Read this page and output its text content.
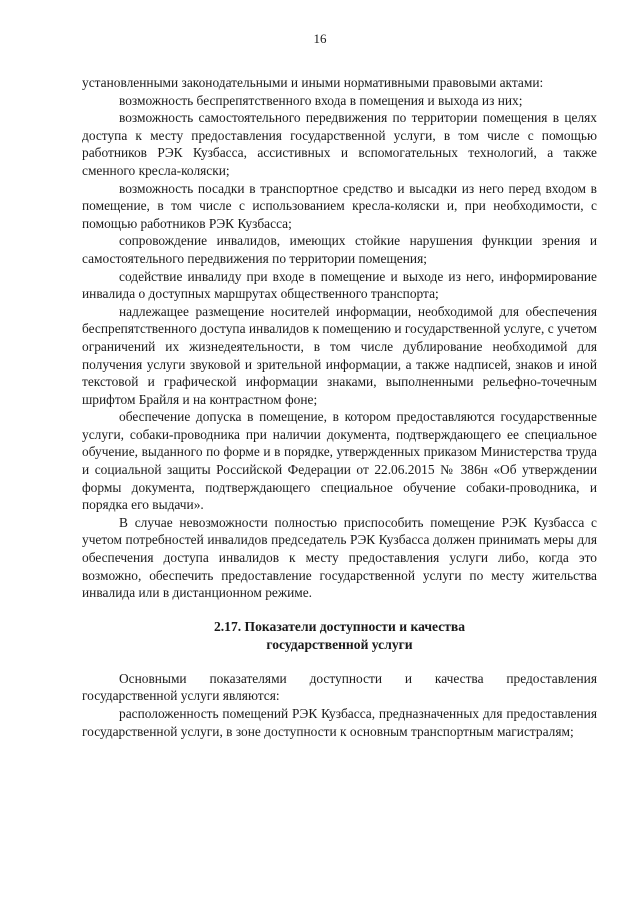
16

установленными законодательными и иными нормативными правовыми актами:

возможность беспрепятственного входа в помещения и выхода из них;

возможность самостоятельного передвижения по территории помещения в целях доступа к месту предоставления государственной услуги, в том числе с помощью работников РЭК Кузбасса, ассистивных и вспомогательных технологий, а также сменного кресла-коляски;

возможность посадки в транспортное средство и высадки из него перед входом в помещение, в том числе с использованием кресла-коляски и, при необходимости, с помощью работников РЭК Кузбасса;

сопровождение инвалидов, имеющих стойкие нарушения функции зрения и самостоятельного передвижения по территории помещения;

содействие инвалиду при входе в помещение и выходе из него, информирование инвалида о доступных маршрутах общественного транспорта;

надлежащее размещение носителей информации, необходимой для обеспечения беспрепятственного доступа инвалидов к помещению и государственной услуге, с учетом ограничений их жизнедеятельности, в том числе дублирование необходимой для получения услуги звуковой и зрительной информации, а также надписей, знаков и иной текстовой и графической информации знаками, выполненными рельефно-точечным шрифтом Брайля и на контрастном фоне;

обеспечение допуска в помещение, в котором предоставляются государственные услуги, собаки-проводника при наличии документа, подтверждающего ее специальное обучение, выданного по форме и в порядке, утвержденных приказом Министерства труда и социальной защиты Российской Федерации от 22.06.2015 № 386н «Об утверждении формы документа, подтверждающего специальное обучение собаки-проводника, и порядка его выдачи».

В случае невозможности полностью приспособить помещение РЭК Кузбасса с учетом потребностей инвалидов председатель РЭК Кузбасса должен принимать меры для обеспечения доступа инвалидов к месту предоставления услуги либо, когда это возможно, обеспечить предоставление государственной услуги по месту жительства инвалида или в дистанционном режиме.

2.17. Показатели доступности и качества
государственной услуги

Основными показателями доступности и качества предоставления государственной услуги являются:

расположенность помещений РЭК Кузбасса, предназначенных для предоставления государственной услуги, в зоне доступности к основным транспортным магистралям;
